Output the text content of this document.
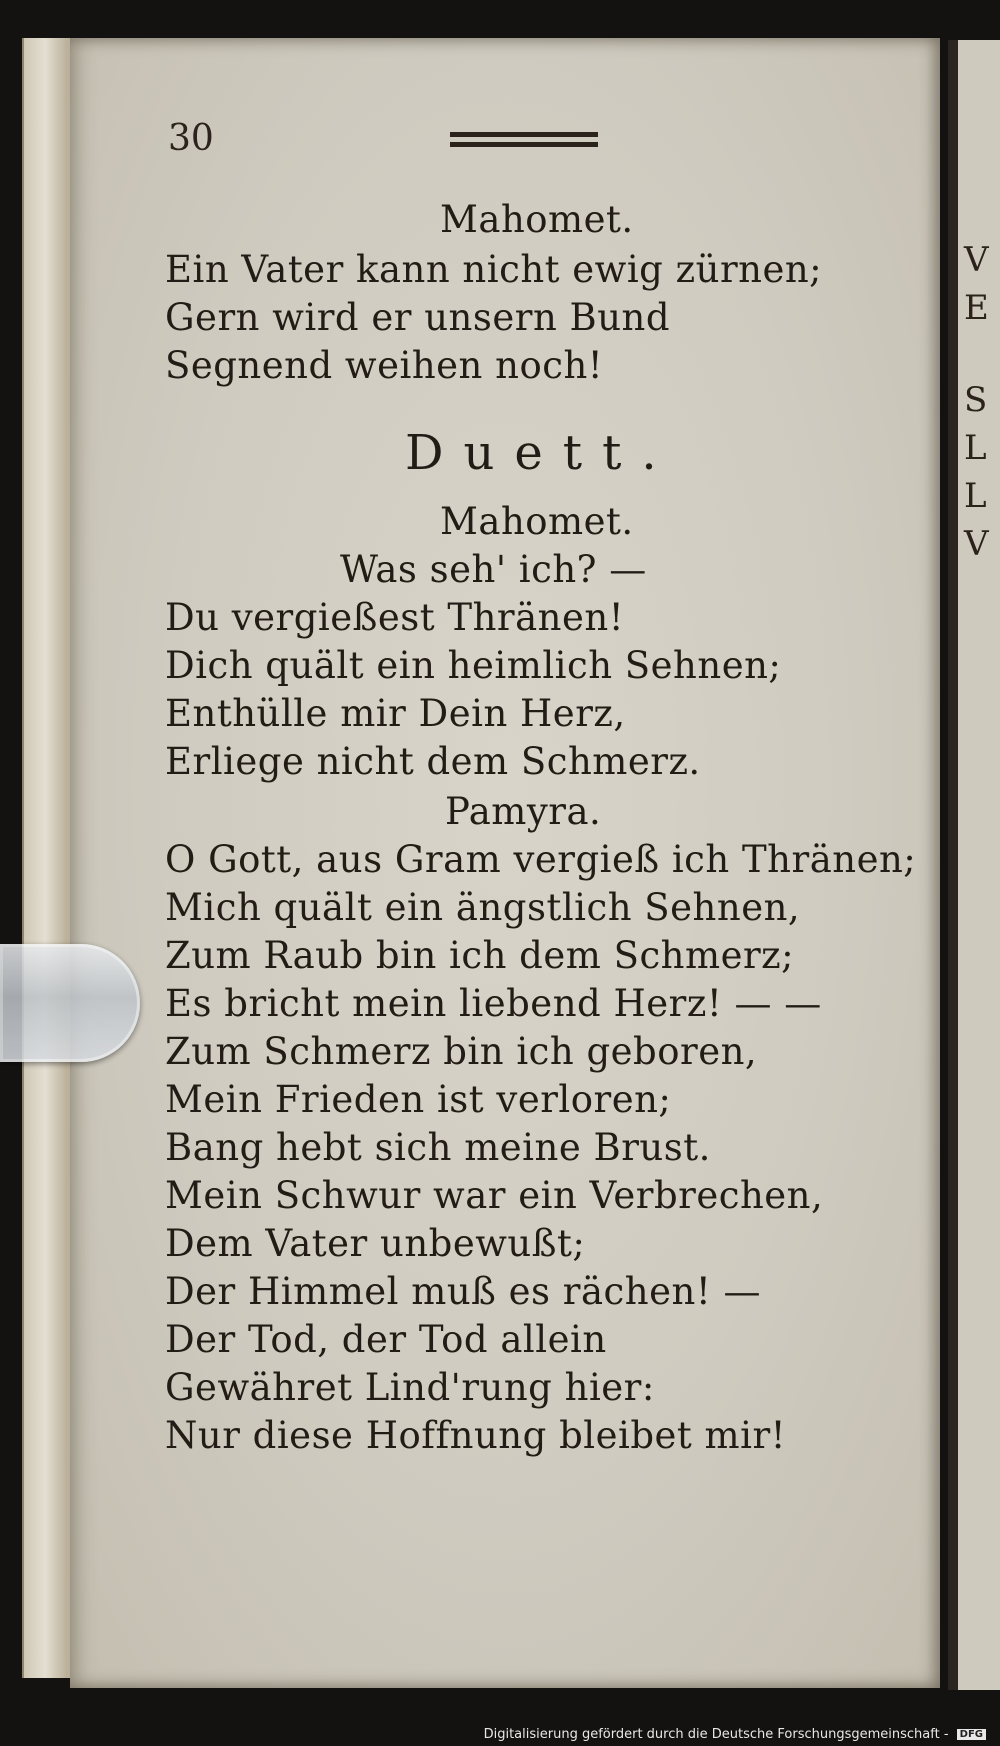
V
E
S
L
L
V
30
Mahomet.
Ein Vater kann nicht ewig zürnen;
Gern wird er unsern Bund
Segnend weihen noch!
Duett.
Mahomet.
Was seh' ich? —
Du vergießest Thränen!
Dich quält ein heimlich Sehnen;
Enthülle mir Dein Herz,
Erliege nicht dem Schmerz.
Pamyra.
O Gott, aus Gram vergieß ich Thränen;
Mich quält ein ängstlich Sehnen,
Zum Raub bin ich dem Schmerz;
Es bricht mein liebend Herz! — —
Zum Schmerz bin ich geboren,
Mein Frieden ist verloren;
Bang hebt sich meine Brust.
Mein Schwur war ein Verbrechen,
Dem Vater unbewußt;
Der Himmel muß es rächen! —
Der Tod, der Tod allein
Gewähret Lind'rung hier:
Nur diese Hoffnung bleibet mir!
Digitalisierung gefördert durch die Deutsche Forschungsgemeinschaft - DFG
